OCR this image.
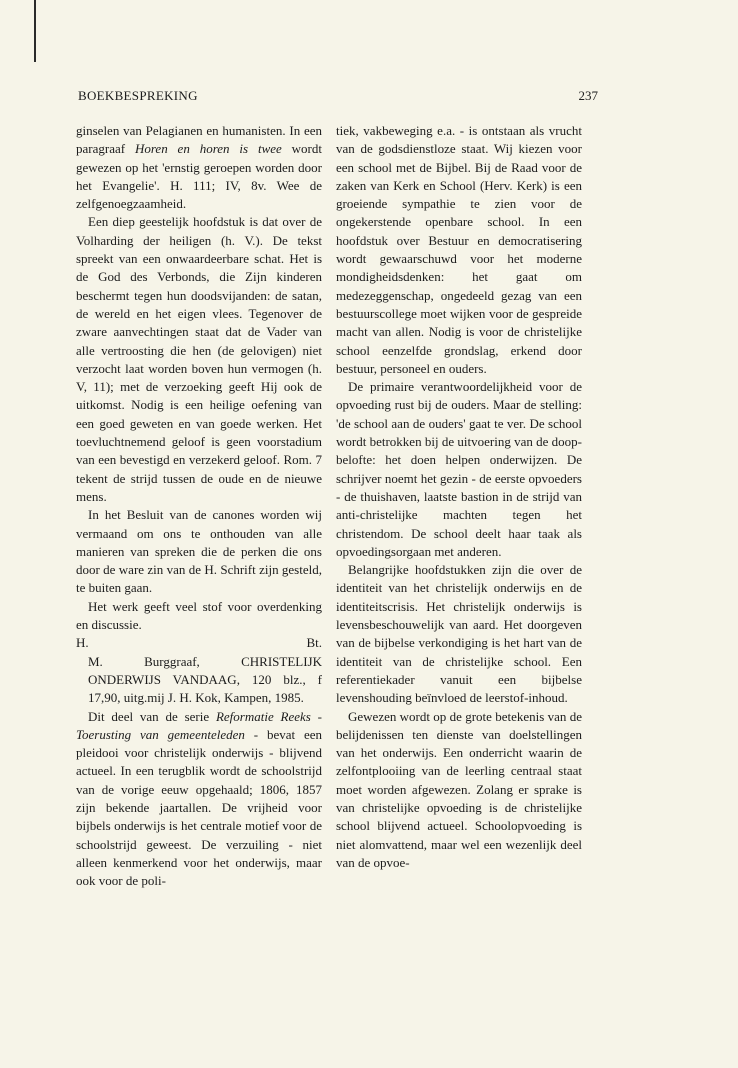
BOEKBESPREKING	237

ginselen van Pelagianen en humanisten. In een paragraaf Horen en horen is twee wordt gewezen op het 'ernstig geroepen worden door het Evangelie'. H. 111; IV, 8v. Wee de zelfgenoegzaamheid.

Een diep geestelijk hoofdstuk is dat over de Volharding der heiligen (h. V.). De tekst spreekt van een onwaardeerbare schat. Het is de God des Verbonds, die Zijn kinderen beschermt tegen hun doodsvijanden: de satan, de wereld en het eigen vlees. Tegenover de zware aanvechtingen staat dat de Vader van alle vertroosting die hen (de gelovigen) niet verzocht laat worden boven hun vermogen (h. V, 11); met de verzoeking geeft Hij ook de uitkomst. Nodig is een heilige oefening van een goed geweten en van goede werken. Het toevluchtnemend geloof is geen voorstadium van een bevestigd en verzekerd geloof. Rom. 7 tekent de strijd tussen de oude en de nieuwe mens.

In het Besluit van de canones worden wij vermaand om ons te onthouden van alle manieren van spreken die de perken die ons door de ware zin van de H. Schrift zijn gesteld, te buiten gaan.

Het werk geeft veel stof voor overdenking en discussie.

H.	Bt.

M. Burggraaf, CHRISTELIJK ONDERWIJS VANDAAG, 120 blz., f 17,90, uitg.mij J. H. Kok, Kampen, 1985.

Dit deel van de serie Reformatie Reeks - Toerusting van gemeenteleden - bevat een pleidooi voor christelijk onderwijs - blijvend actueel. In een terugblik wordt de schoolstrijd van de vorige eeuw opgehaald; 1806, 1857 zijn bekende jaartallen. De vrijheid voor bijbels onderwijs is het centrale motief voor de schoolstrijd geweest. De verzuiling - niet alleen kenmerkend voor het onderwijs, maar ook voor de poli-

tiek, vakbeweging e.a. - is ontstaan als vrucht van de godsdienstloze staat. Wij kiezen voor een school met de Bijbel. Bij de Raad voor de zaken van Kerk en School (Herv. Kerk) is een groeiende sympathie te zien voor de ongekerstende openbare school. In een hoofdstuk over Bestuur en democratisering wordt gewaarschuwd voor het moderne mondigheidsdenken: het gaat om medezeggenschap, ongedeeld gezag van een bestuurscollege moet wijken voor de gespreide macht van allen. Nodig is voor de christelijke school eenzelfde grondslag, erkend door bestuur, personeel en ouders.

De primaire verantwoordelijkheid voor de opvoeding rust bij de ouders. Maar de stelling: 'de school aan de ouders' gaat te ver. De school wordt betrokken bij de uitvoering van de doop-belofte: het doen helpen onderwijzen. De schrijver noemt het gezin - de eerste opvoeders - de thuishaven, laatste bastion in de strijd van anti-christelijke machten tegen het christendom. De school deelt haar taak als opvoedingsorgaan met anderen.

Belangrijke hoofdstukken zijn die over de identiteit van het christelijk onderwijs en de identiteitscrisis. Het christelijk onderwijs is levensbeschouwelijk van aard. Het doorgeven van de bijbelse verkondiging is het hart van de identiteit van de christelijke school. Een referentiekader vanuit een bijbelse levenshouding beïnvloed de leerstof-inhoud.

Gewezen wordt op de grote betekenis van de belijdenissen ten dienste van doelstellingen van het onderwijs. Een onderricht waarin de zelfontplooiing van de leerling centraal staat moet worden afgewezen. Zolang er sprake is van christelijke opvoeding is de christelijke school blijvend actueel. Schoolopvoeding is niet alomvattend, maar wel een wezenlijk deel van de opvoe-
